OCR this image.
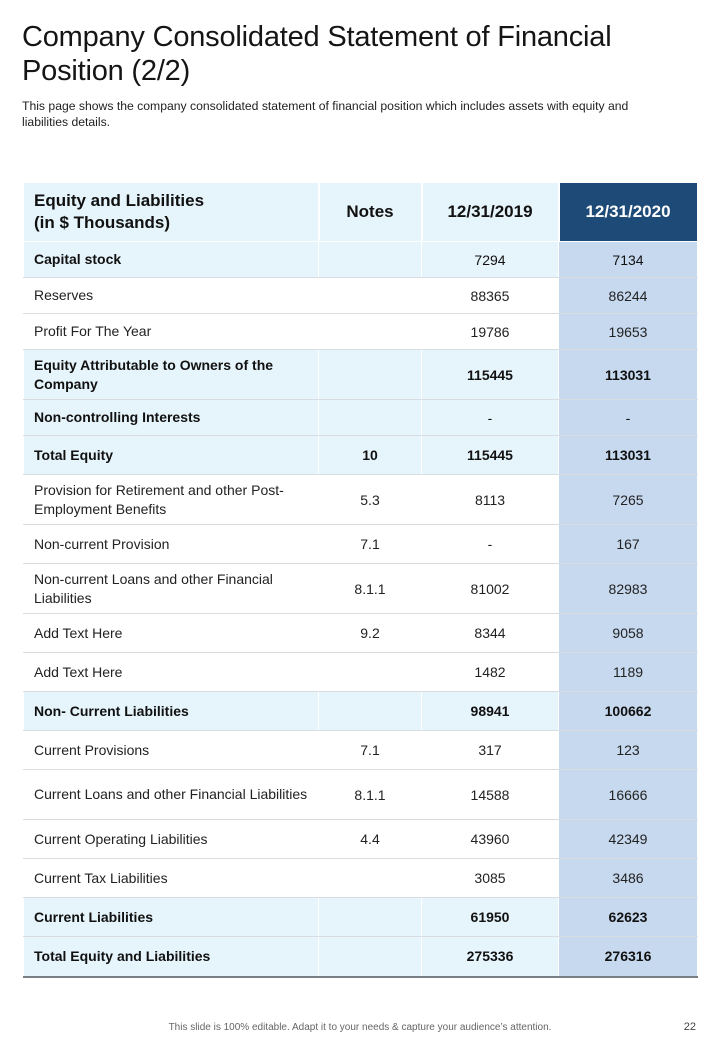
Company Consolidated Statement of Financial Position (2/2)
This page shows the company consolidated statement of financial position which includes assets with equity and liabilities details.
Equity and Liabilities
(in $ Thousands)	Notes	12/31/2019	12/31/2020
Capital stock		7294	7134
Reserves		88365	86244
Profit For The Year		19786	19653
Equity Attributable to Owners of the Company		115445	113031
Non-controlling Interests		-	-
Total Equity	10	115445	113031
Provision for Retirement and other Post-Employment Benefits	5.3	8113	7265
Non-current Provision	7.1	-	167
Non-current Loans and other Financial Liabilities	8.1.1	81002	82983
Add Text Here	9.2	8344	9058
Add Text Here		1482	1189
Non- Current Liabilities		98941	100662
Current Provisions	7.1	317	123
Current Loans and other Financial Liabilities	8.1.1	14588	16666
Current Operating Liabilities	4.4	43960	42349
Current Tax Liabilities		3085	3486
Current Liabilities		61950	62623
Total Equity and Liabilities		275336	276316
This slide is 100% editable. Adapt it to your needs & capture your audience’s attention.	22
